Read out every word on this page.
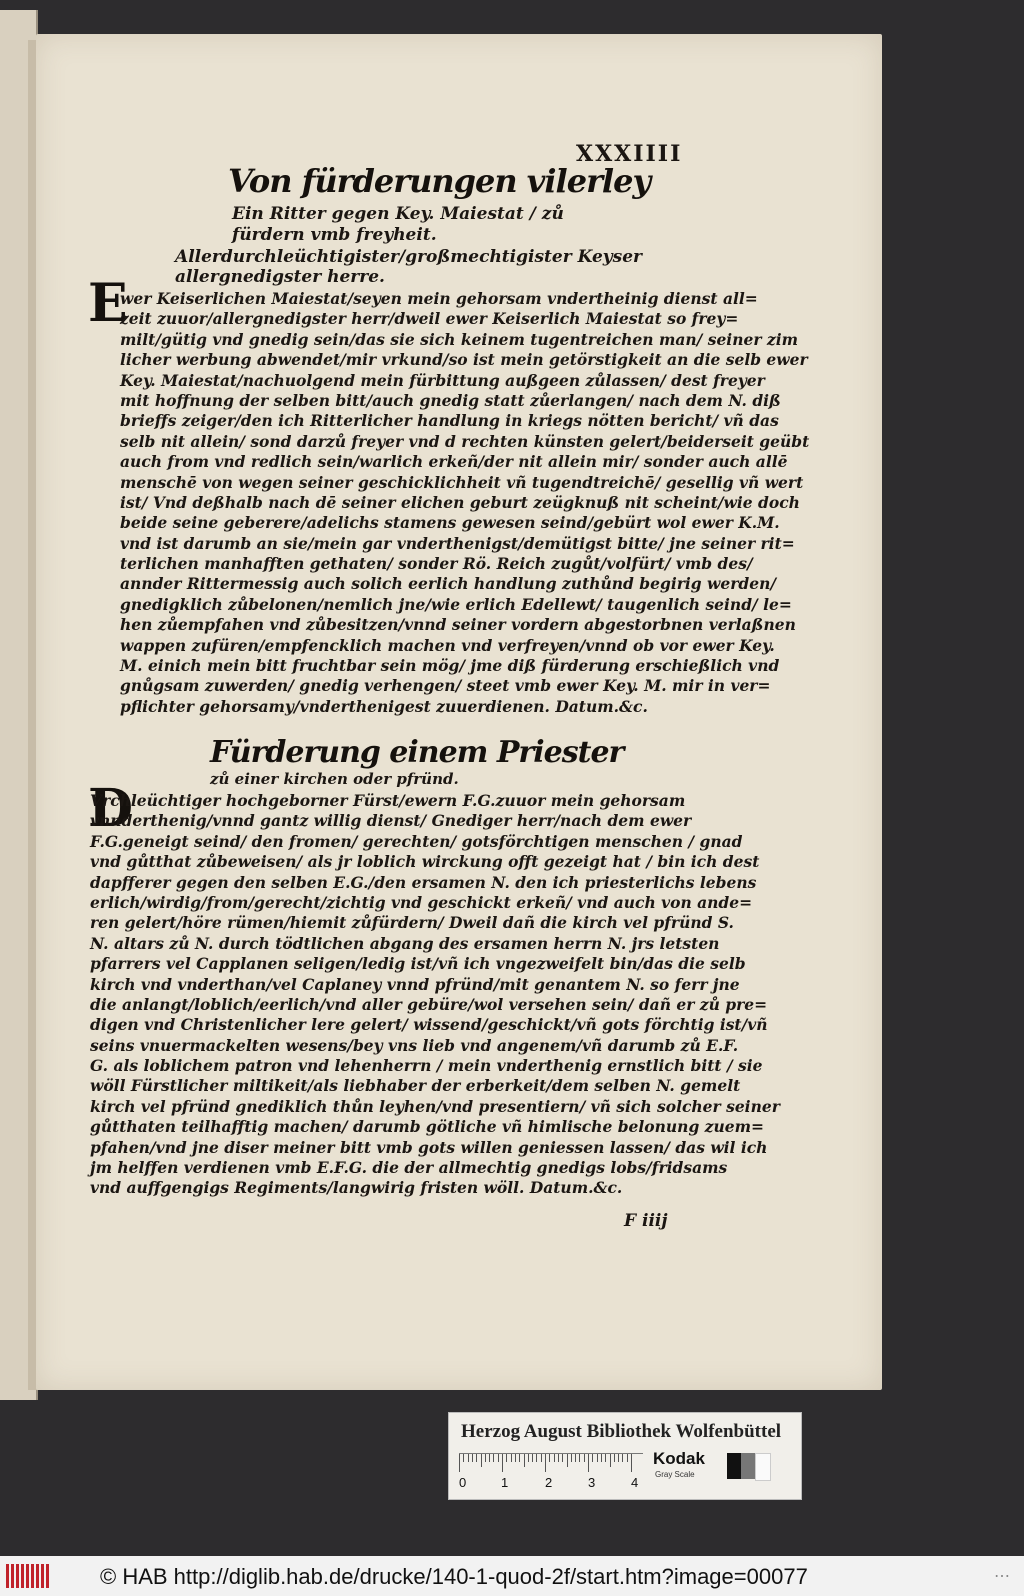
XXXIIII
Von fürderungen vilerley
Ein Ritter gegen Key. Maiestat / zů
fürdern vmb freyheit.
Allerdurchleüchtigister/großmechtigister Keyser
allergnedigster herre.
E
wer Keiserlichen Maiestat/seyen mein gehorsam vndertheinig dienst all=
zeit zuuor/allergnedigster herr/dweil ewer Keiserlich Maiestat so frey=
milt/gütig vnd gnedig sein/das sie sich keinem tugentreichen man/ seiner zim
licher werbung abwendet/mir vrkund/so ist mein getörstigkeit an die selb ewer
Key. Maiestat/nachuolgend mein fürbittung außgeen zůlassen/ dest freyer
mit hoffnung der selben bitt/auch gnedig statt zůerlangen/ nach dem N. diß
brieffs zeiger/den ich Ritterlicher handlung in kriegs nötten bericht/ vñ das
selb nit allein/ sond darzů freyer vnd d rechten künsten gelert/beiderseit geübt
auch from vnd redlich sein/warlich erkeñ/der nit allein mir/ sonder auch allē
menschē von wegen seiner geschicklichheit vñ tugendtreichē/ gesellig vñ wert
ist/ Vnd deßhalb nach dē seiner elichen geburt zeügknuß nit scheint/wie doch
beide seine geberere/adelichs stamens gewesen seind/gebürt wol ewer K.M.
vnd ist darumb an sie/mein gar vnderthenigst/demütigst bitte/ jne seiner rit=
terlichen manhafften gethaten/ sonder Rö. Reich zugůt/volfürt/ vmb des/
annder Rittermessig auch solich eerlich handlung zuthůnd begirig werden/
gnedigklich zůbelonen/nemlich jne/wie erlich Edellewt/ taugenlich seind/ le=
hen zůempfahen vnd zůbesitzen/vnnd seiner vordern abgestorbnen verlaßnen
wappen zufüren/empfencklich machen vnd verfreyen/vnnd ob vor ewer Key.
M. einich mein bitt fruchtbar sein mög/ jme diß fürderung erschießlich vnd
gnůgsam zuwerden/ gnedig verhengen/ steet vmb ewer Key. M. mir in ver=
pflichter gehorsamy/vnderthenigest zuuerdienen. Datum.&c.
Fürderung einem Priester
zů einer kirchen oder pfründ.
D
Vrchleüchtiger hochgeborner Fürst/ewern F.G.zuuor mein gehorsam
vnnderthenig/vnnd gantz willig dienst/ Gnediger herr/nach dem ewer
F.G.geneigt seind/ den fromen/ gerechten/ gotsförchtigen menschen / gnad
vnd gůtthat zůbeweisen/ als jr loblich wirckung offt gezeigt hat / bin ich dest
dapfferer gegen den selben E.G./den ersamen N. den ich priesterlichs lebens
erlich/wirdig/from/gerecht/zichtig vnd geschickt erkeñ/ vnd auch von ande=
ren gelert/höre rümen/hiemit zůfürdern/ Dweil dañ die kirch vel pfründ S.
N. altars zů N. durch tödtlichen abgang des ersamen herrn N. jrs letsten
pfarrers vel Capplanen seligen/ledig ist/vñ ich vngezweifelt bin/das die selb
kirch vnd vnderthan/vel Caplaney vnnd pfründ/mit genantem N. so ferr jne
die anlangt/loblich/eerlich/vnd aller gebüre/wol versehen sein/ dañ er zů pre=
digen vnd Christenlicher lere gelert/ wissend/geschickt/vñ gots förchtig ist/vñ
seins vnuermackelten wesens/bey vns lieb vnd angenem/vñ darumb zů E.F.
G. als loblichem patron vnd lehenherrn / mein vnderthenig ernstlich bitt / sie
wöll Fürstlicher miltikeit/als liebhaber der erberkeit/dem selben N. gemelt
kirch vel pfründ gnediklich thůn leyhen/vnd presentiern/ vñ sich solcher seiner
gůtthaten teilhafftig machen/ darumb götliche vñ himlische belonung zuem=
pfahen/vnd jne diser meiner bitt vmb gots willen geniessen lassen/ das wil ich
jm helffen verdienen vmb E.F.G. die der allmechtig gnedigs lobs/fridsams
vnd auffgengigs Regiments/langwirig fristen wöll. Datum.&c.
F iiij
Herzog August Bibliothek Wolfenbüttel
0	1	2	3	4
Kodak
Gray Scale
© HAB http://diglib.hab.de/drucke/140-1-quod-2f/start.htm?image=00077	⋯
